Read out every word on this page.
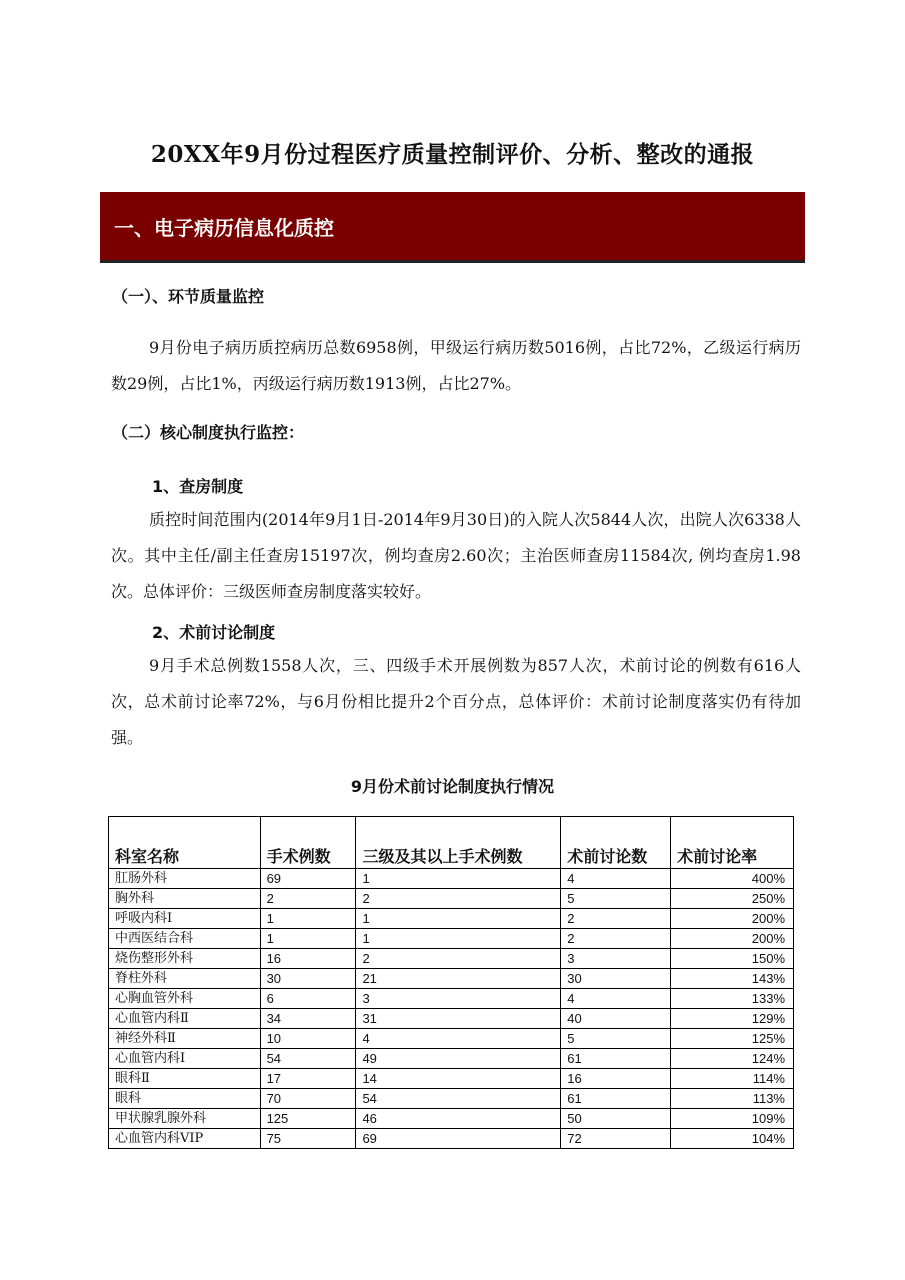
20XX年9月份过程医疗质量控制评价、分析、整改的通报
一、电子病历信息化质控
（一）、环节质量监控
9月份电子病历质控病历总数6958例，甲级运行病历数5016例，占比72%，乙级运行病历数29例，占比1%，丙级运行病历数1913例，占比27%。
（二）核心制度执行监控：
1、查房制度
质控时间范围内(2014年9月1日-2014年9月30日)的入院人次5844人次，出院人次6338人次。其中主任/副主任查房15197次，例均查房2.60次；主治医师查房11584次, 例均查房1.98次。总体评价：三级医师查房制度落实较好。
2、术前讨论制度
9月手术总例数1558人次，三、四级手术开展例数为857人次，术前讨论的例数有616人次，总术前讨论率72%，与6月份相比提升2个百分点，总体评价：术前讨论制度落实仍有待加强。
9月份术前讨论制度执行情况
科室名称	手术例数	三级及其以上手术例数	术前讨论数	术前讨论率
肛肠外科	69	1	4	400%
胸外科	2	2	5	250%
呼吸内科Ⅰ	1	1	2	200%
中西医结合科	1	1	2	200%
烧伤整形外科	16	2	3	150%
脊柱外科	30	21	30	143%
心胸血管外科	6	3	4	133%
心血管内科Ⅱ	34	31	40	129%
神经外科Ⅱ	10	4	5	125%
心血管内科Ⅰ	54	49	61	124%
眼科Ⅱ	17	14	16	114%
眼科	70	54	61	113%
甲状腺乳腺外科	125	46	50	109%
心血管内科VIP	75	69	72	104%
